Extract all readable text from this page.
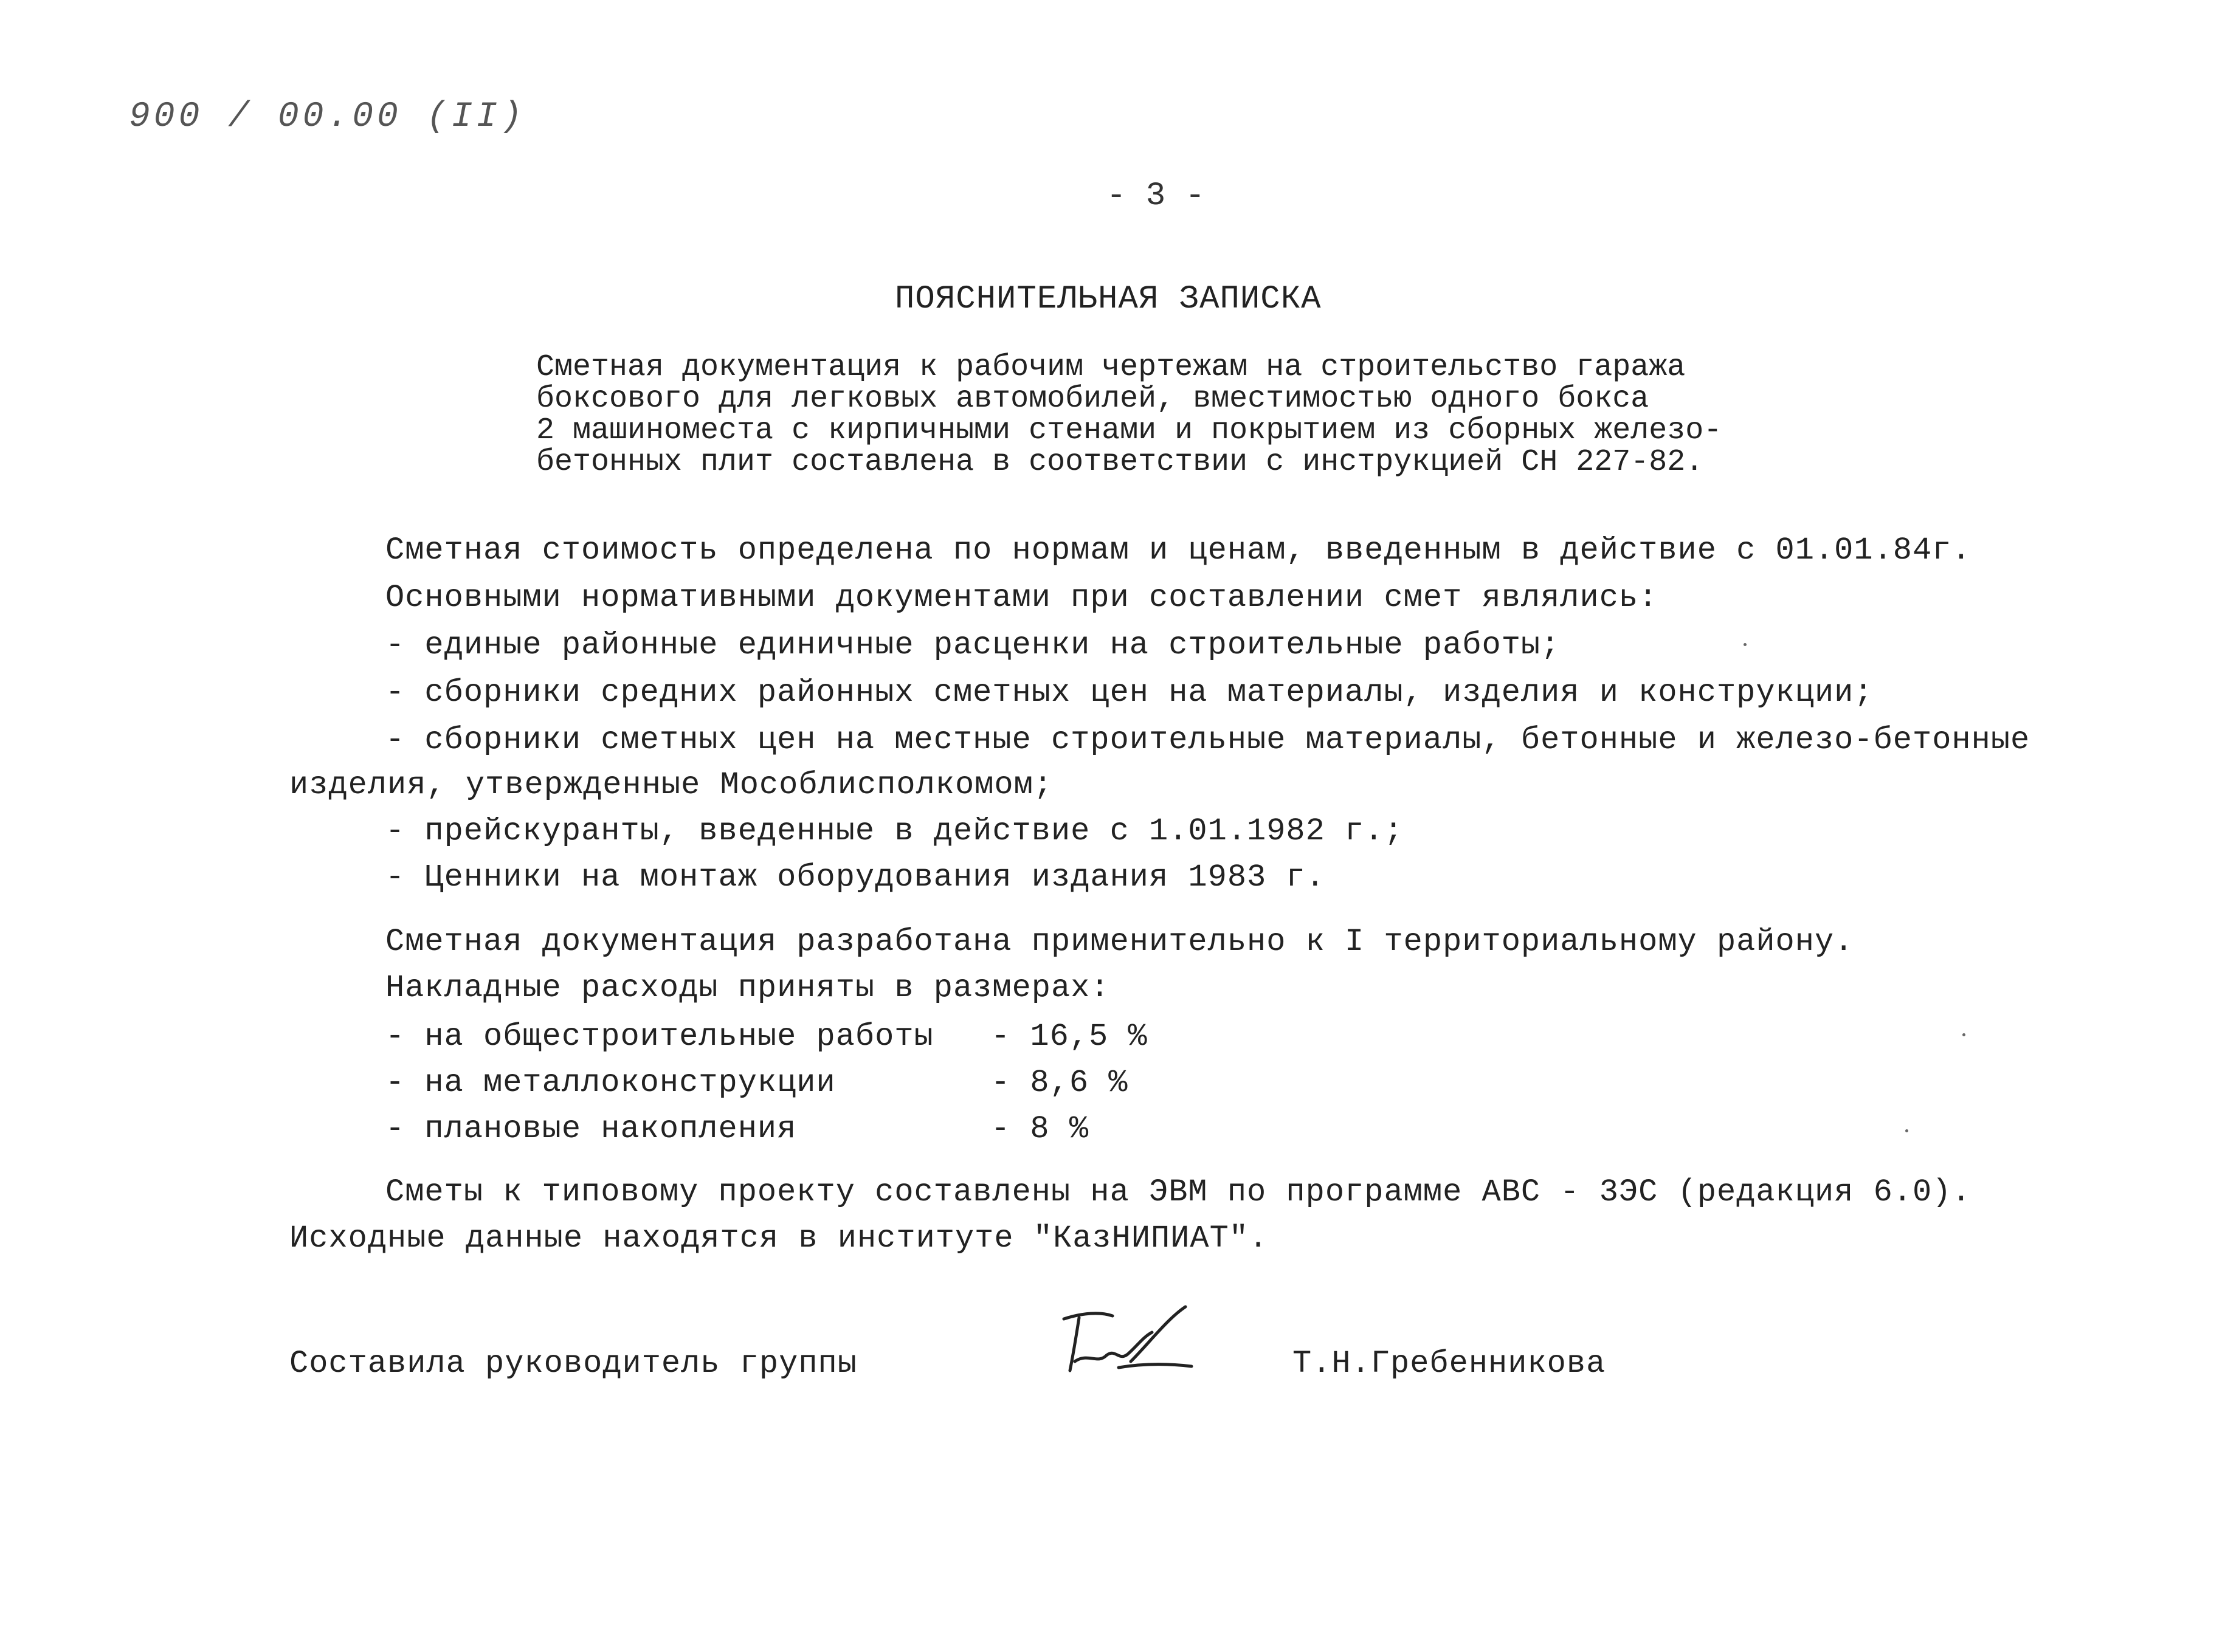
900 / 00.00 (II)
- 3 -
ПОЯСНИТЕЛЬНАЯ ЗАПИСКА
Сметная документация к рабочим чертежам на строительство гаража
боксового для легковых автомобилей, вместимостью одного бокса
2 машиноместа с кирпичными стенами и покрытием из сборных железо-
бетонных плит составлена в соответствии с инструкцией СН 227-82.
Сметная стоимость определена по нормам и ценам, введенным в действие с 01.01.84г.
Основными нормативными документами при составлении смет являлись:
- единые районные единичные расценки на строительные работы;
- сборники средних районных сметных цен на материалы, изделия и конструкции;
- сборники сметных цен на местные строительные материалы, бетонные и железо-бетонные
изделия, утвержденные Мособлисполкомом;
- прейскуранты, введенные в действие с 1.01.1982 г.;
- Ценники на монтаж оборудования издания 1983 г.
Сметная документация разработана применительно к I территориальному району.
Накладные расходы приняты в размерах:
- на общестроительные работы - 16,5 %
- на металлоконструкции	- 8,6 %
- плановые накопления	- 8 %
Сметы к типовому проекту составлены на ЭВМ по программе АВС - 3ЭС (редакция 6.0).
Исходные данные находятся в институте "КазНИПИАТ".
Составила руководитель группы	Т.Н.Гребенникова
